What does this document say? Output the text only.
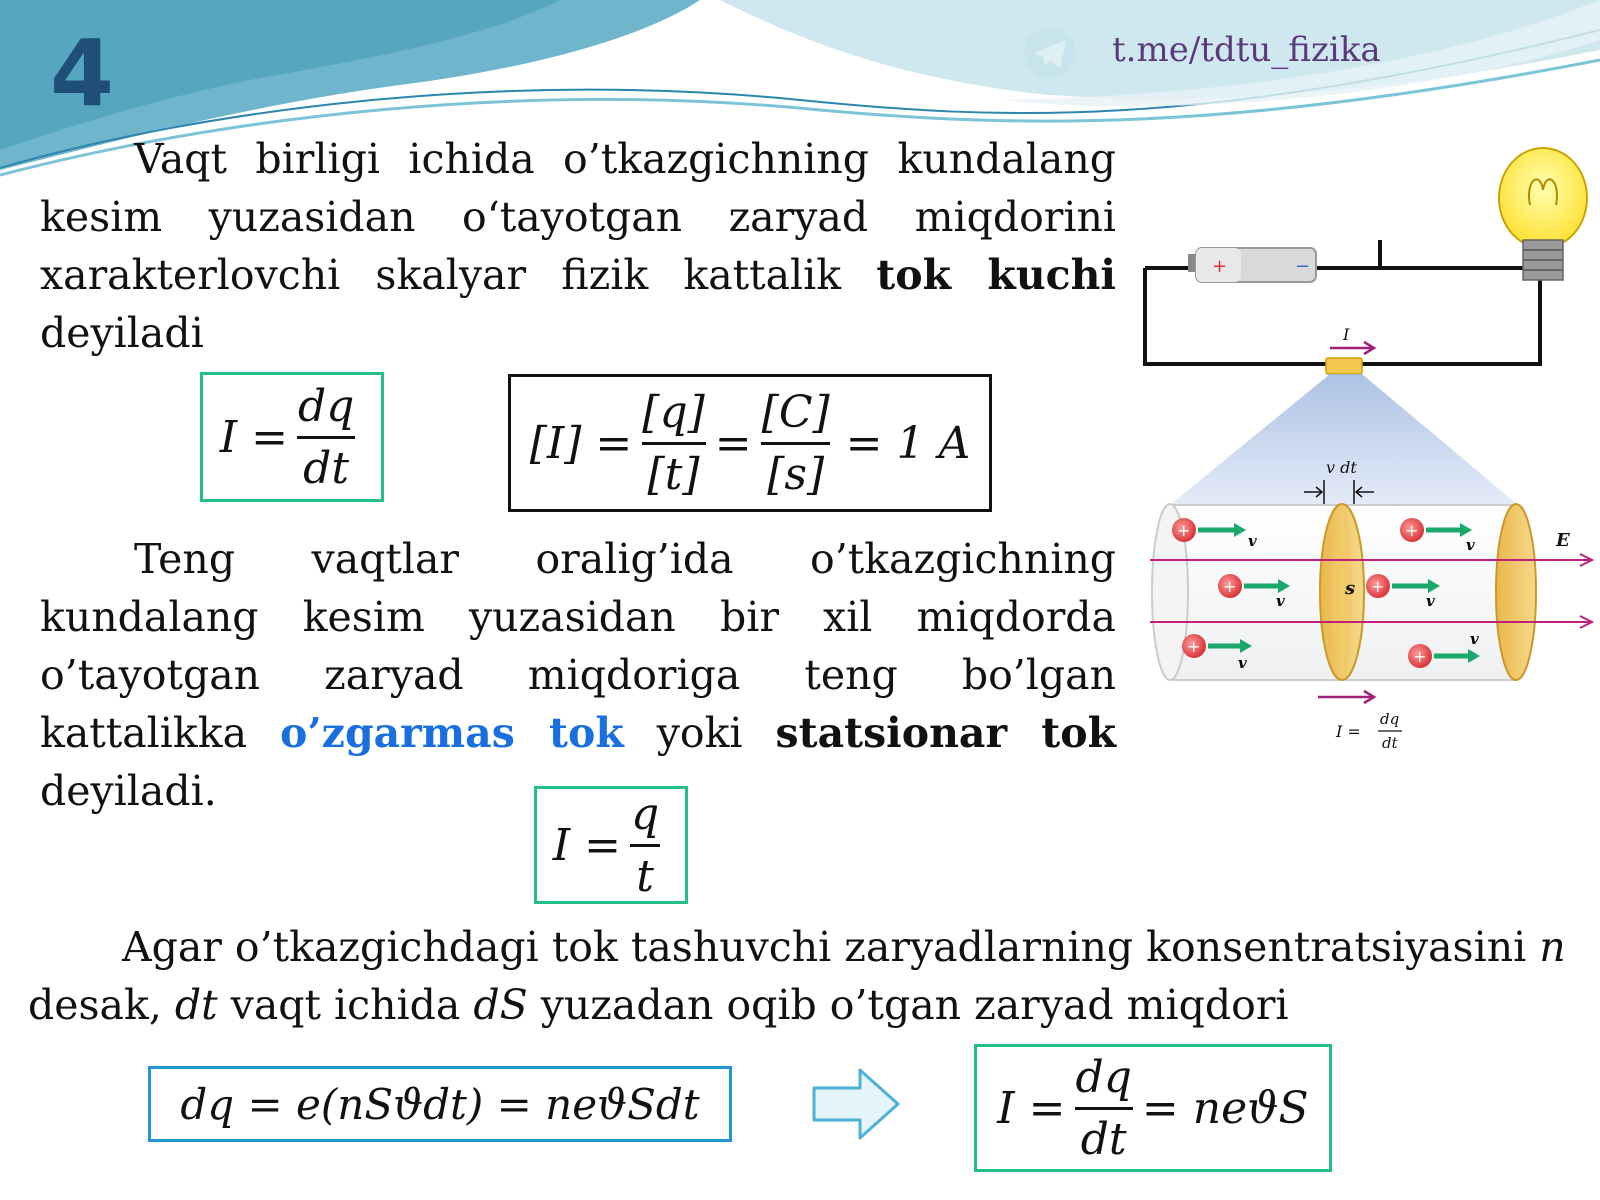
4	t.me/tdtu_fizika
Vaqt birligi ichida o’tkazgichning kundalang kesim yuzasidan o‘tayotgan zaryad miqdorini xarakterlovchi skalyar fizik kattalik tok kuchi deyiladi
$I = \frac{dq}{dt}$	$[I] = \frac{[q]}{[t]} = \frac{[C]}{[s]} = 1$ A
Teng vaqtlar oralig’ida o’tkazgichning kundalang kesim yuzasidan bir xil miqdorda o’tayotgan zaryad miqdoriga teng bo’lgan kattalikka o’zgarmas tok yoki statsionar tok deyiladi.
$I = \frac{q}{t}$
Agar o’tkazgichdagi tok tashuvchi zaryadlarning konsentratsiyasini n
desak, dt vaqt ichida dS yuzadan oqib o’tgan zaryad miqdori
dq = e(nSϑdt) = neϑSdt	$I = \frac{dq}{dt} = neϑS$
+	−
I
v dt
E
s
+
v
+
v
+
v
+
v
+
v	+
v
I =
dq
dt
